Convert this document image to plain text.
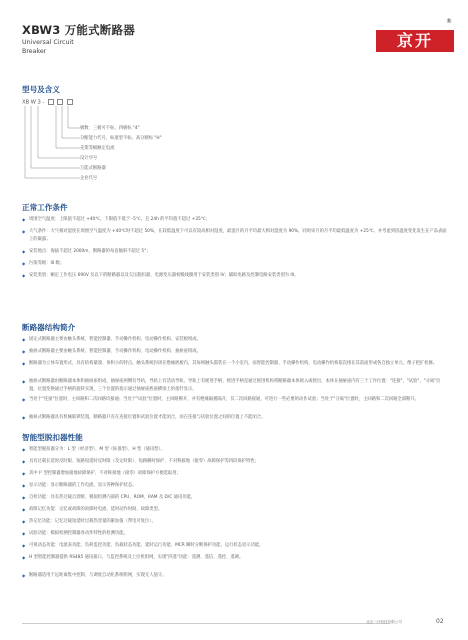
XBW3 万能式断路器
Universal Circuit
Breaker
京开
®
型号及含义
XB W 3 -
极数：三极可不标，四极标 "4"
分断能力代号，标准型不标，高分断标 "H"
壳架等级额定电流
设计序号
万能式断路器
企业代号
正常工作条件
◆ 周围空气温度：上限值不超过 +40℃，下限值不低于 -5℃，且 24h 的平均值不超过 +35℃；
◆ 大气条件：大气相对湿度在周围空气温度为 +40℃时不超过 50%，在较低温度下可以有较高相对湿度，最湿月的月平均最大相对湿度为 90%，同时该月的月平均最低温度为 +25℃，并考虑到因温度变化发生在产品表面上的凝露；
◆ 安装地点：海拔不超过 2000m，断路器的每直倾斜不超过 5°；
◆ 污染等级：III 级；
◆ 安装类别：额定工作电压 690V 及以下的断路器以及欠压脱扣器、电源变压器初级线圈用于安装类别 IV；辅助电路及控制电路安装类别为 III。
断路器结构简介
◆ 固定式断路器主要由触头系统、智能控制器、手动操作机构、电动操作机构、安装板组成。
◆ 抽屉式断路器主要由触头系统、智能控制器、手动操作机构、电动操作机构、抽屉座组成。
◆ 断路器为立体布置形式，具有结构紧凑、体积小的特点。触头系统封闭在绝缘底板内，其每相触头都装在一个小室内，而智能控制器、手动操作机构、电动操作机构依次排在其前面形成各自独立单元。像子把扩检修。
◆ 抽屉式断路器由断路器本体和抽屉座组成，抽屉座两侧有导轨，导轨上有活动导轨，导轨上有摇进手柄，摇进手柄是通过摇进机构将断路器本体摇入或摇出，本体在抽屉座内有三个工作位置："连接"、"试验"、"分离"位置，位置变换通过手柄的旋转实现，三个位置的指示通过抽屉座底座横梁上的指针显示。
◆ 当处于"连接"位置时，主回路和二次回路均接通；当处于"试验"位置时，主回路断开，并有绝缘隔板隔开，仅二次回路接通，可进行一些必要的动作试验；当处于"分离"位置时，主回路和二次回路全部断开。
◆ 抽屉式断路器具有机械联锁装置，断路器只有在连接位置和试验位置才能闭合，而在连接与试验位置之间的位置上不能闭合。
智能型脱扣器性能
◆ 智能型脱扣器分为：L 型（经济型）、M 型（标准型）、H 型（通讯型）。
◆ 具有过载长延时反时限、短路短延时反时限（及定时限）、短路瞬时保护、不对称接地（接零）故障保护等四段保护特性；
◆ 其中 I² 型控制器增加接地故障保护、不对称接地（接零）故障保护方便选取用；
◆ 显示功能：显示断路器的工作电流、显示各种保护状态。
◆ 自检功能：具有热过载自诊断、模拟检测内部的 CPU、ROM、RAM 及 D/C 通讯功能。
◆ 故障记忆功能：记忆或故障的故障时电流、延时动作时间、故障类型。
◆ 热记忆功能：记忆过载短延时过载热容量的累加值（带电可复位）。
◆ 试验功能：模拟检测控制器各动作特性的检测功能。
◆ 可视动态功能：电流表功能、负荷监控功能、负载状态功能、延时运行功能、MCR 瞬时分断保护功能、运行状态显示功能。
◆ H 型智能控制器提供 RS485 通讯接口，与监控系统及上位机组网，实现"四遥"功能：遥测、遥信、遥控、遥调。
◆ 断路器适用于远距离集中控制，与调度自动化系统组网，实现无人值守。
北京一开科技有限公司	02
